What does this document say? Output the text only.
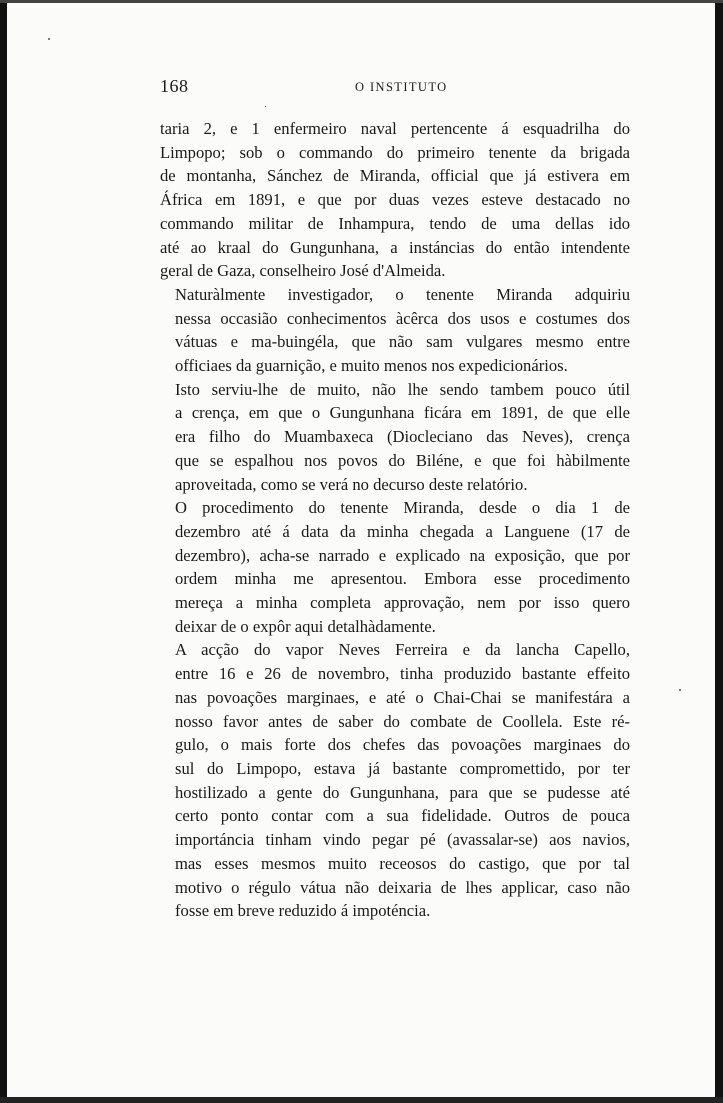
168	O INSTITUTO

taria 2, e 1 enfermeiro naval pertencente á esquadrilha do
Limpopo; sob o commando do primeiro tenente da brigada
de montanha, Sánchez de Miranda, official que já estivera em
África em 1891, e que por duas vezes esteve destacado no
commando militar de Inhampura, tendo de uma dellas ido
até ao kraal do Gungunhana, a instáncias do então intendente
geral de Gaza, conselheiro José d'Almeida.

Naturàlmente investigador, o tenente Miranda adquiriu
nessa occasião conhecimentos àcêrca dos usos e costumes dos
vátuas e ma-buingéla, que não sam vulgares mesmo entre
officiaes da guarnição, e muito menos nos expedicionários.

Isto serviu-lhe de muito, não lhe sendo tambem pouco útil
a crença, em que o Gungunhana ficára em 1891, de que elle
era filho do Muambaxeca (Diocleciano das Neves), crença
que se espalhou nos povos do Biléne, e que foi hàbilmente
aproveitada, como se verá no decurso deste relatório.

O procedimento do tenente Miranda, desde o dia 1 de
dezembro até á data da minha chegada a Languene (17 de
dezembro), acha-se narrado e explicado na exposição, que por
ordem minha me apresentou. Embora esse procedimento
mereça a minha completa approvação, nem por isso quero
deixar de o expôr aqui detalhàdamente.

A acção do vapor Neves Ferreira e da lancha Capello,
entre 16 e 26 de novembro, tinha produzido bastante effeito
nas povoações marginaes, e até o Chai-Chai se manifestára a
nosso favor antes de saber do combate de Coollela. Este ré-
gulo, o mais forte dos chefes das povoações marginaes do
sul do Limpopo, estava já bastante compromettido, por ter
hostilizado a gente do Gungunhana, para que se pudesse até
certo ponto contar com a sua fidelidade. Outros de pouca
importáncia tinham vindo pegar pé (avassalar-se) aos navios,
mas esses mesmos muito receosos do castigo, que por tal
motivo o régulo vátua não deixaria de lhes applicar, caso não
fosse em breve reduzido á impoténcia.
